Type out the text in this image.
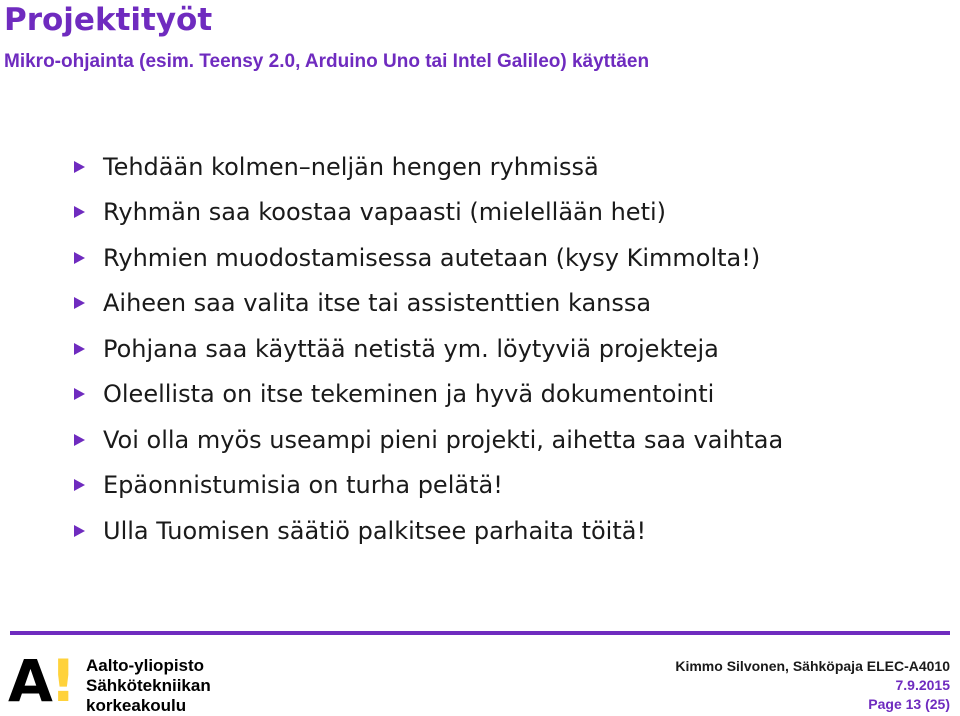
Projektityöt
Mikro-ohjainta (esim. Teensy 2.0, Arduino Uno tai Intel Galileo) käyttäen
Tehdään kolmen–neljän hengen ryhmissä
Ryhmän saa koostaa vapaasti (mielellään heti)
Ryhmien muodostamisessa autetaan (kysy Kimmolta!)
Aiheen saa valita itse tai assistenttien kanssa
Pohjana saa käyttää netistä ym. löytyviä projekteja
Oleellista on itse tekeminen ja hyvä dokumentointi
Voi olla myös useampi pieni projekti, aihetta saa vaihtaa
Epäonnistumisia on turha pelätä!
Ulla Tuomisen säätiö palkitsee parhaita töitä!
A
! Aalto-yliopisto
Sähkötekniikan
korkeakoulu
Kimmo Silvonen, Sähköpaja ELEC-A4010
7.9.2015
Page 13 (25)
